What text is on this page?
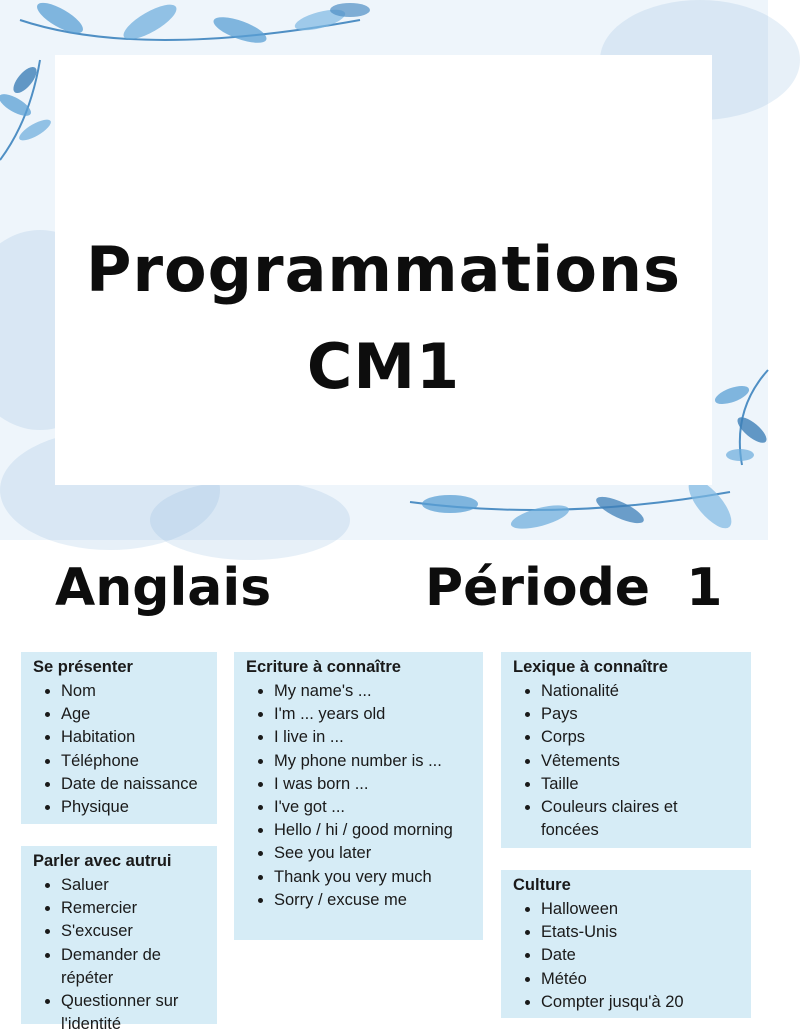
Programmations
CM1
Anglais	Période  1
Se présenter
• Nom
• Age
• Habitation
• Téléphone
• Date de naissance
• Physique
Parler avec autrui
• Saluer
• Remercier
• S'excuser
• Demander de répéter
• Questionner sur l'identité
Ecriture à connaître
• My name's ...
• I'm ... years old
• I live in ...
• My phone number is ...
• I was born ...
• I've got ...
• Hello / hi / good morning
• See you later
• Thank you very much
• Sorry / excuse me
Lexique à connaître
• Nationalité
• Pays
• Corps
• Vêtements
• Taille
• Couleurs claires et foncées
Culture
• Halloween
• Etats-Unis
• Date
• Météo
• Compter jusqu'à 20
